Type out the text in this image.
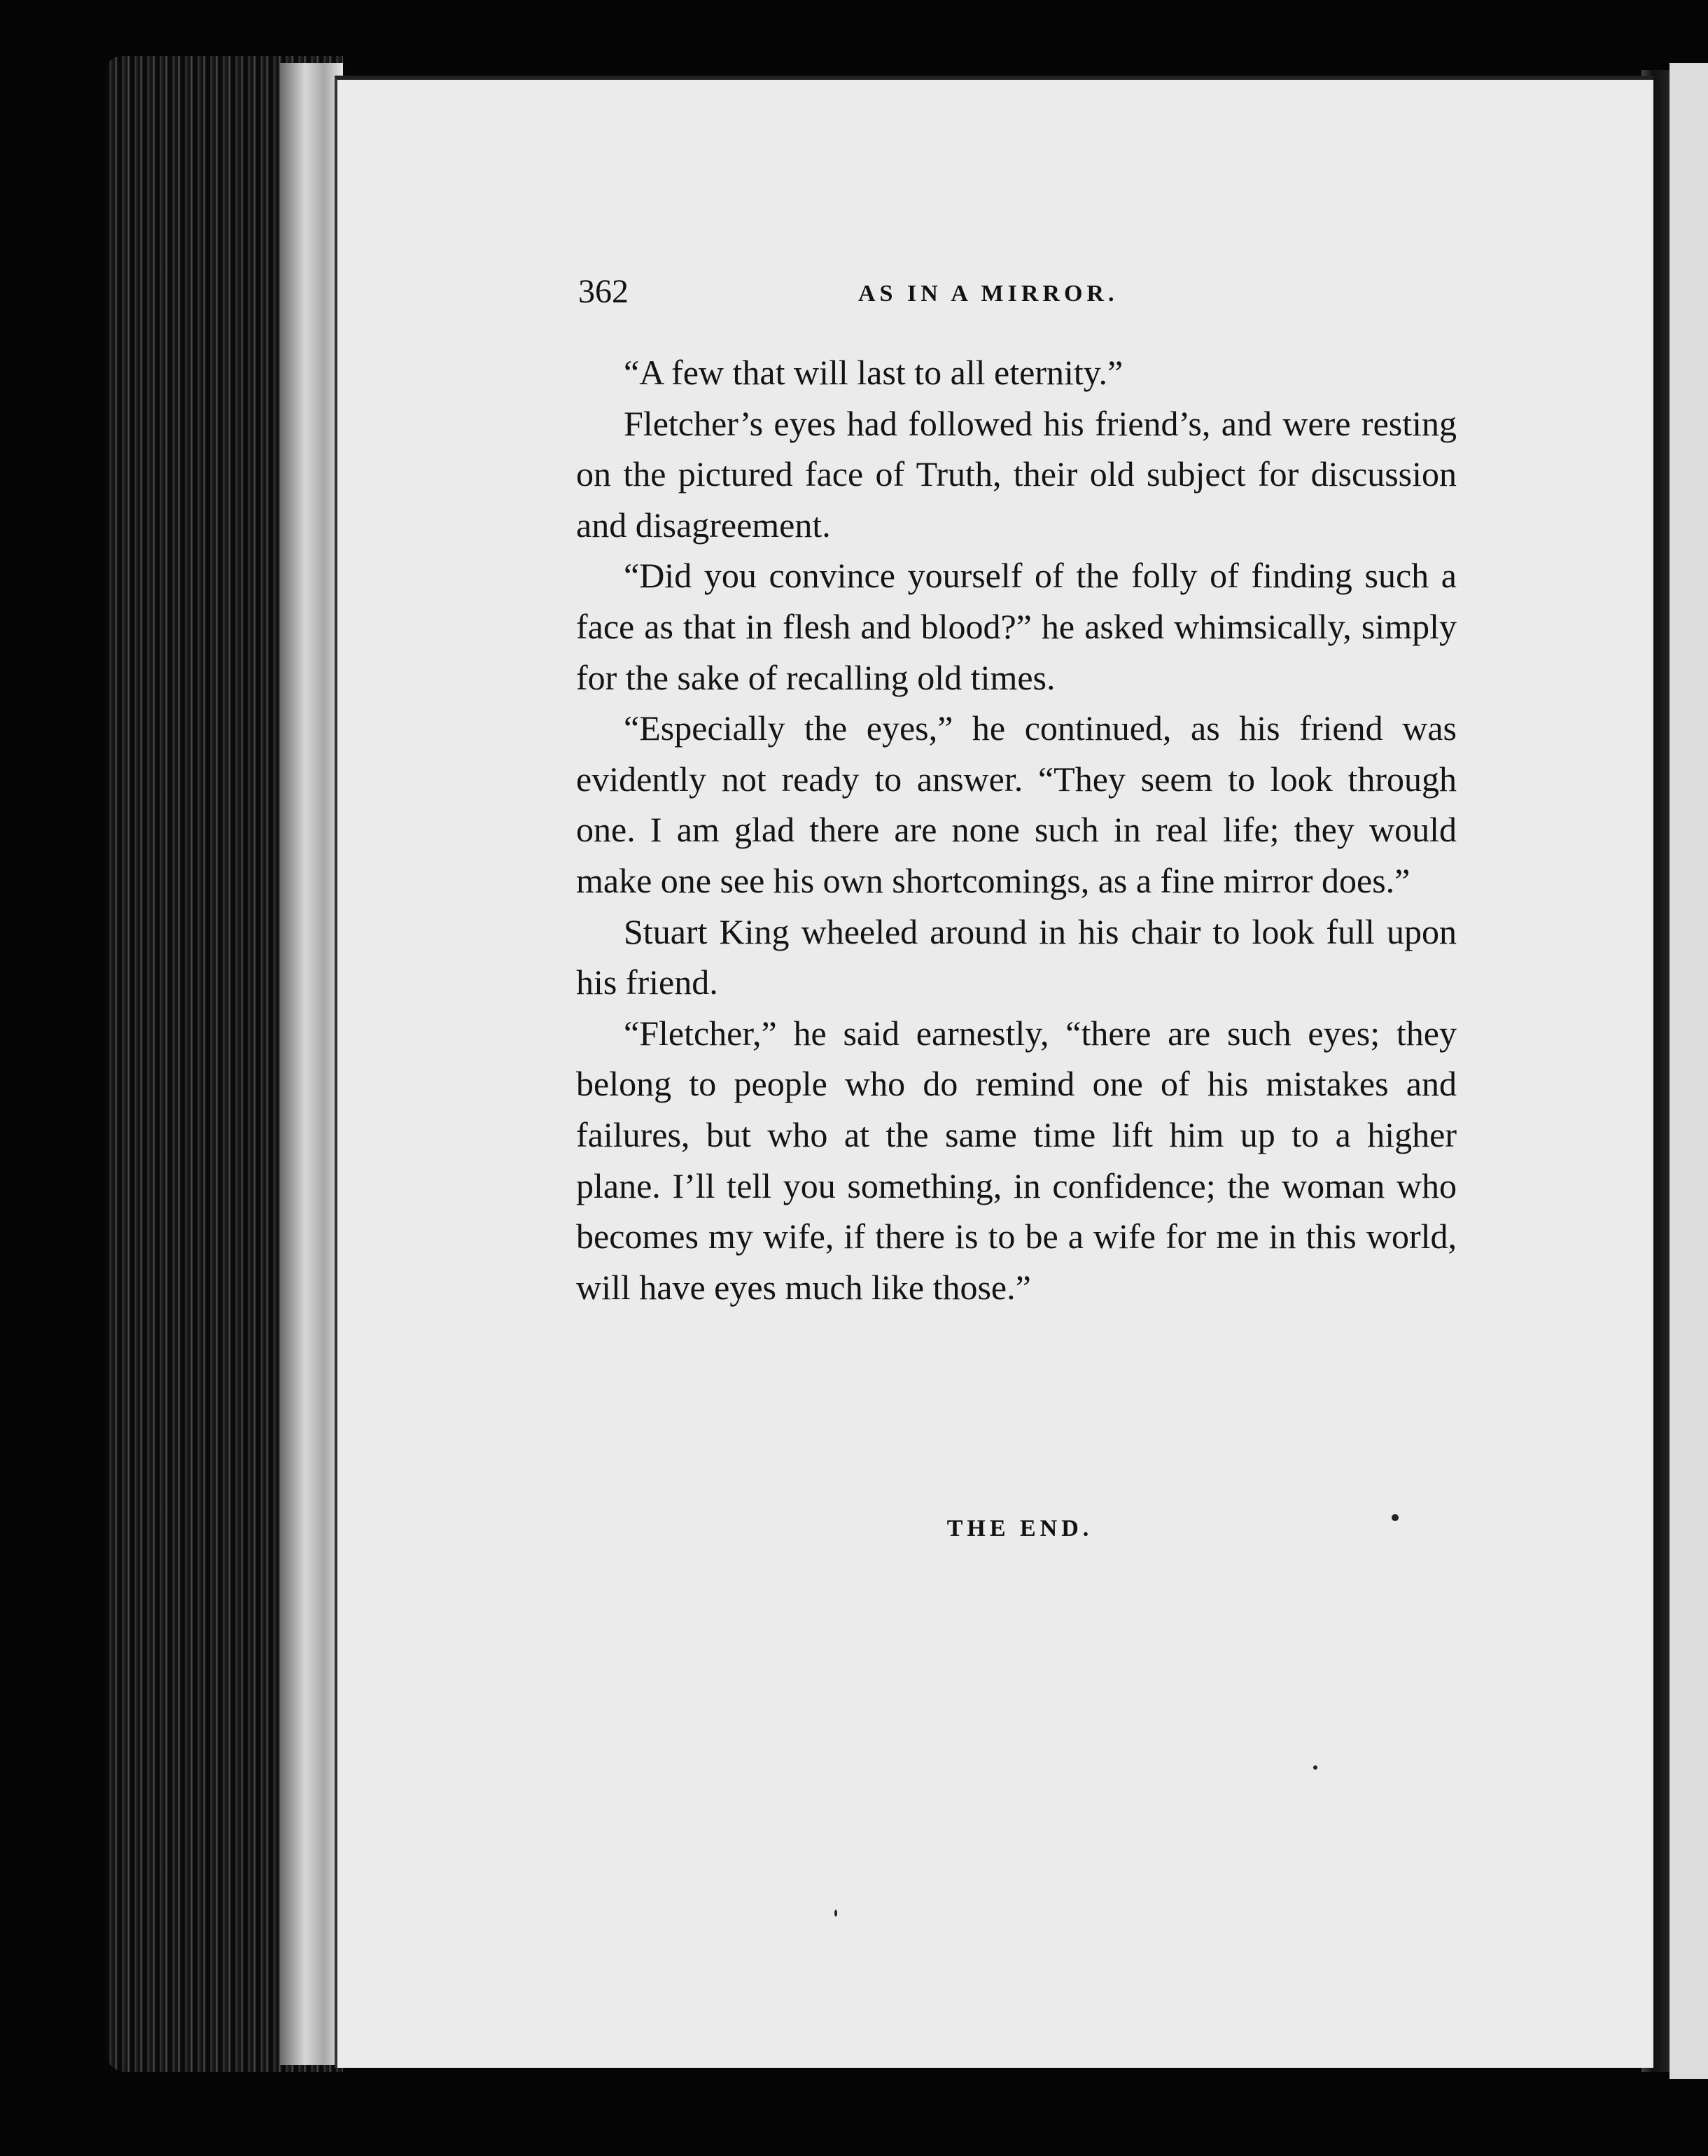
362	AS IN A MIRROR.

“A few that will last to all eternity.”

Fletcher’s eyes had followed his friend’s, and were resting on the pictured face of Truth, their old subject for discussion and disagreement.

“Did you convince yourself of the folly of finding such a face as that in flesh and blood?” he asked whimsically, simply for the sake of recalling old times.

“Especially the eyes,” he continued, as his friend was evidently not ready to answer. “They seem to look through one. I am glad there are none such in real life; they would make one see his own shortcomings, as a fine mirror does.”

Stuart King wheeled around in his chair to look full upon his friend.

“Fletcher,” he said earnestly, “there are such eyes; they belong to people who do remind one of his mistakes and failures, but who at the same time lift him up to a higher plane. I’ll tell you something, in confidence; the woman who becomes my wife, if there is to be a wife for me in this world, will have eyes much like those.”

THE END.
